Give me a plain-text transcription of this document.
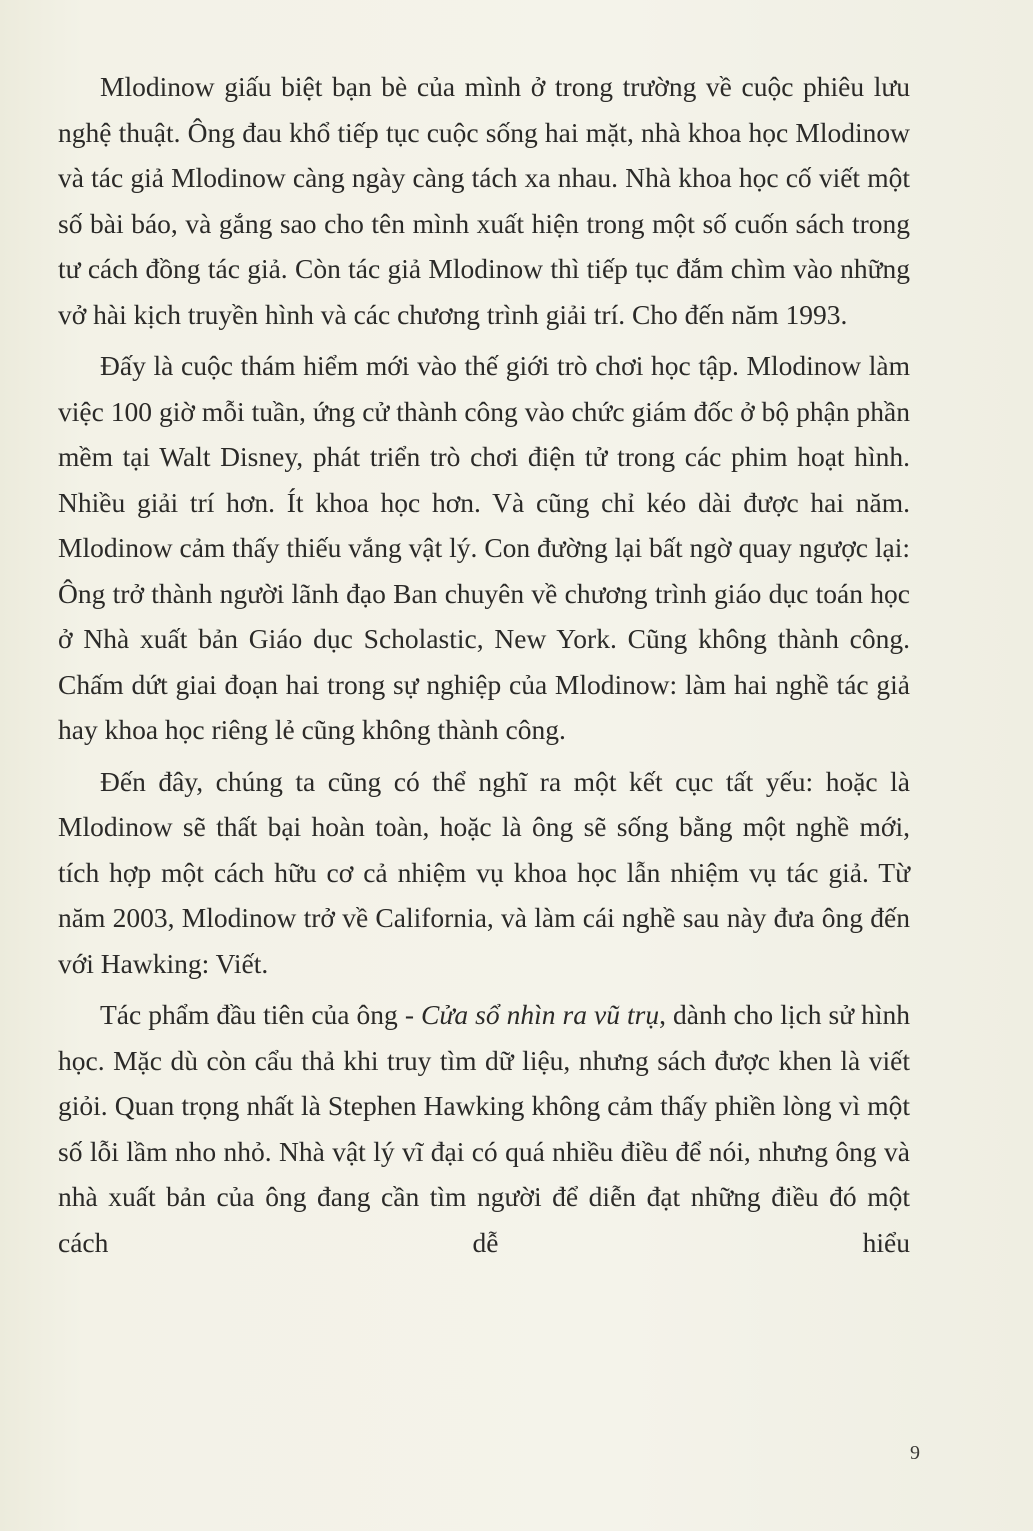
Mlodinow giấu biệt bạn bè của mình ở trong trường về cuộc phiêu lưu nghệ thuật. Ông đau khổ tiếp tục cuộc sống hai mặt, nhà khoa học Mlodinow và tác giả Mlodinow càng ngày càng tách xa nhau. Nhà khoa học cố viết một số bài báo, và gắng sao cho tên mình xuất hiện trong một số cuốn sách trong tư cách đồng tác giả. Còn tác giả Mlodinow thì tiếp tục đắm chìm vào những vở hài kịch truyền hình và các chương trình giải trí. Cho đến năm 1993.

Đấy là cuộc thám hiểm mới vào thế giới trò chơi học tập. Mlodinow làm việc 100 giờ mỗi tuần, ứng cử thành công vào chức giám đốc ở bộ phận phần mềm tại Walt Disney, phát triển trò chơi điện tử trong các phim hoạt hình. Nhiều giải trí hơn. Ít khoa học hơn. Và cũng chỉ kéo dài được hai năm. Mlodinow cảm thấy thiếu vắng vật lý. Con đường lại bất ngờ quay ngược lại: Ông trở thành người lãnh đạo Ban chuyên về chương trình giáo dục toán học ở Nhà xuất bản Giáo dục Scholastic, New York. Cũng không thành công. Chấm dứt giai đoạn hai trong sự nghiệp của Mlodinow: làm hai nghề tác giả hay khoa học riêng lẻ cũng không thành công.

Đến đây, chúng ta cũng có thể nghĩ ra một kết cục tất yếu: hoặc là Mlodinow sẽ thất bại hoàn toàn, hoặc là ông sẽ sống bằng một nghề mới, tích hợp một cách hữu cơ cả nhiệm vụ khoa học lẫn nhiệm vụ tác giả. Từ năm 2003, Mlodinow trở về California, và làm cái nghề sau này đưa ông đến với Hawking: Viết.

Tác phẩm đầu tiên của ông - Cửa sổ nhìn ra vũ trụ, dành cho lịch sử hình học. Mặc dù còn cẩu thả khi truy tìm dữ liệu, nhưng sách được khen là viết giỏi. Quan trọng nhất là Stephen Hawking không cảm thấy phiền lòng vì một số lỗi lầm nho nhỏ. Nhà vật lý vĩ đại có quá nhiều điều để nói, nhưng ông và nhà xuất bản của ông đang cần tìm người để diễn đạt những điều đó một cách dễ hiểu

9
